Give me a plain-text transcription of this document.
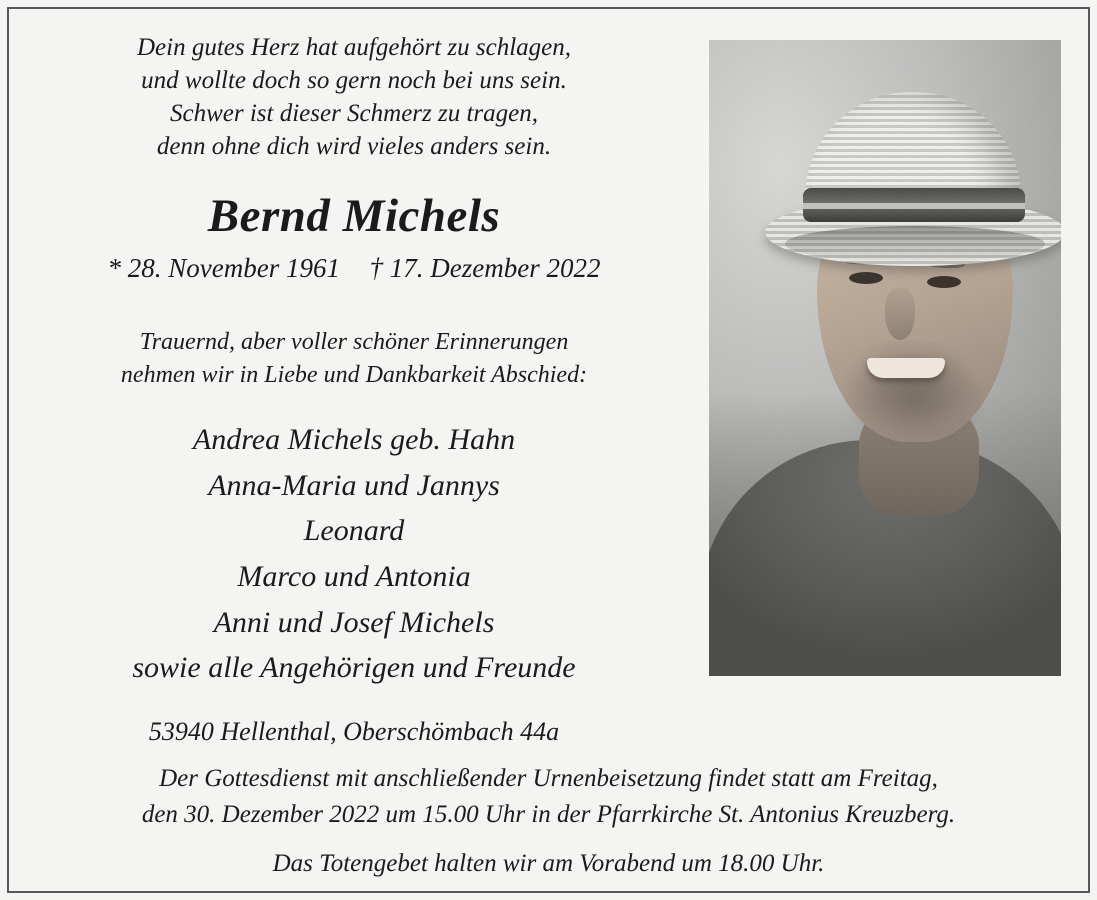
Dein gutes Herz hat aufgehört zu schlagen,
und wollte doch so gern noch bei uns sein.
Schwer ist dieser Schmerz zu tragen,
denn ohne dich wird vieles anders sein.
Bernd Michels
* 28. November 1961 † 17. Dezember 2022
Trauernd, aber voller schöner Erinnerungen
nehmen wir in Liebe und Dankbarkeit Abschied:
Andrea Michels geb. Hahn
Anna-Maria und Jannys
Leonard
Marco und Antonia
Anni und Josef Michels
sowie alle Angehörigen und Freunde
53940 Hellenthal, Oberschömbach 44a
Der Gottesdienst mit anschließender Urnenbeisetzung findet statt am Freitag,
den 30. Dezember 2022 um 15.00 Uhr in der Pfarrkirche St. Antonius Kreuzberg.
Das Totengebet halten wir am Vorabend um 18.00 Uhr.
